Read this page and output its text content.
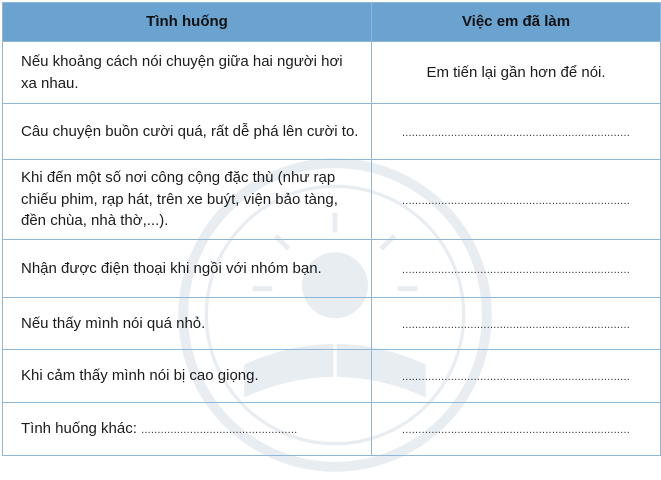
Tình huống	Việc em đã làm
Nếu khoảng cách nói chuyện giữa hai người hơi xa nhau.	Em tiến lại gần hơn để nói.
Câu chuyện buồn cười quá, rất dễ phá lên cười to.	......................................................................
Khi đến một số nơi công cộng đặc thù (như rạp chiếu phim, rạp hát, trên xe buýt, viện bảo tàng, đền chùa, nhà thờ,...).	......................................................................
Nhận được điện thoại khi ngồi với nhóm bạn.	......................................................................
Nếu thấy mình nói quá nhỏ.	......................................................................
Khi cảm thấy mình nói bị cao giọng.	......................................................................
Tình huống khác: ................................................	......................................................................
